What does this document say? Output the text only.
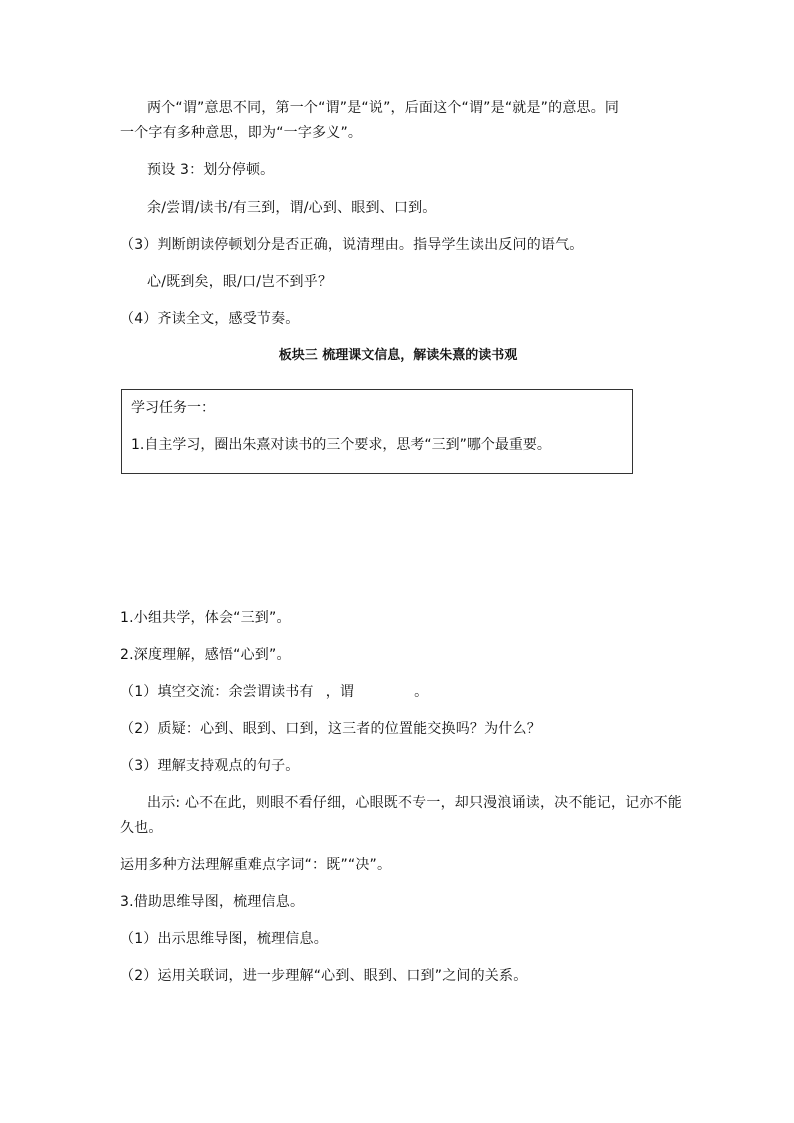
两个“谓”意思不同，第一个“谓”是“说”，后面这个“谓”是“就是”的意思。同
一个字有多种意思，即为“一字多义”。
预设 3：划分停顿。
余/尝谓/读书/有三到，谓/心到、眼到、口到。
（3）判断朗读停顿划分是否正确，说清理由。指导学生读出反问的语气。
心/既到矣，眼/口/岂不到乎？
（4）齐读全文，感受节奏。
板块三 梳理课文信息，解读朱熹的读书观
学习任务一：
1.自主学习，圈出朱熹对读书的三个要求，思考“三到”哪个最重要。
1.小组共学，体会“三到”。
2.深度理解，感悟“心到”。
（1）填空交流：余尝谓读书有 ，谓	。
（2）质疑：心到、眼到、口到，这三者的位置能交换吗？为什么？
（3）理解支持观点的句子。
出示: 心不在此，则眼不看仔细，心眼既不专一，却只漫浪诵读，决不能记，记亦不能
久也。
运用多种方法理解重难点字词“：既”“决”。
3.借助思维导图，梳理信息。
（1）出示思维导图，梳理信息。
（2）运用关联词，进一步理解“心到、眼到、口到”之间的关系。
